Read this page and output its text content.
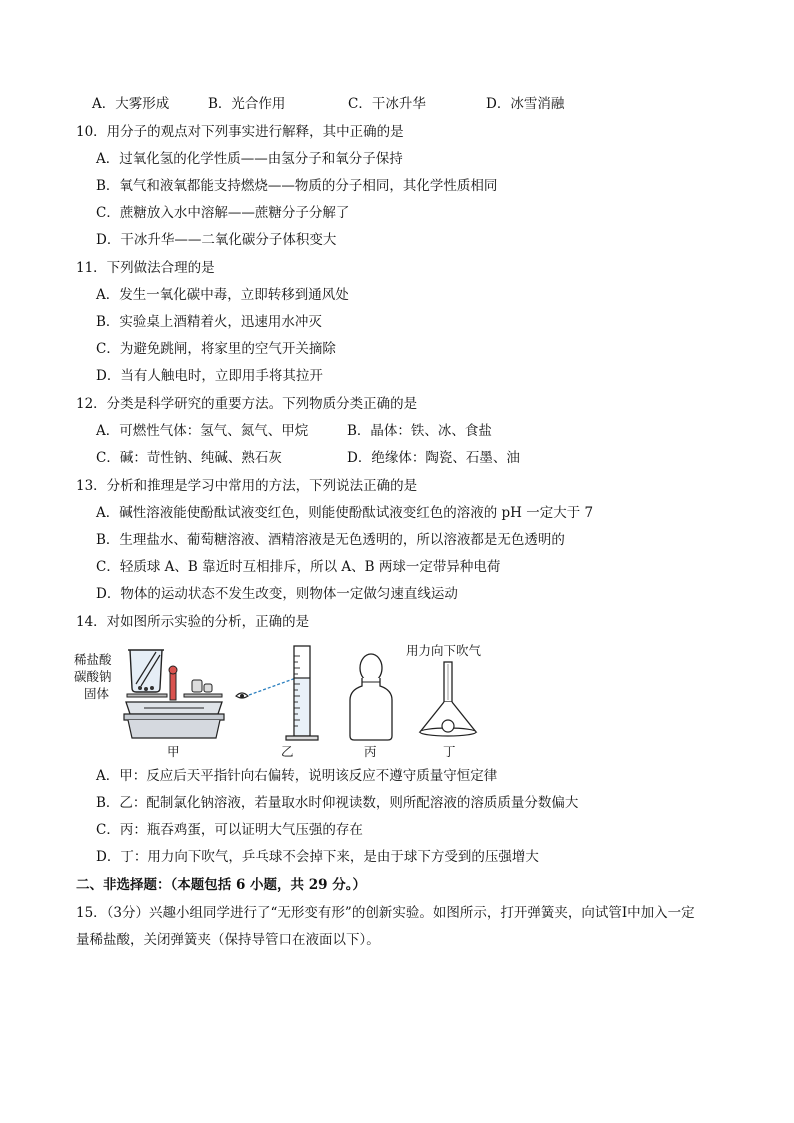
A．大雾形成	B．光合作用	C．干冰升华	D．冰雪消融
10．用分子的观点对下列事实进行解释，其中正确的是
A．过氧化氢的化学性质——由氢分子和氧分子保持
B．氧气和液氧都能支持燃烧——物质的分子相同，其化学性质相同
C．蔗糖放入水中溶解——蔗糖分子分解了
D．干冰升华——二氧化碳分子体积变大
11．下列做法合理的是
A．发生一氧化碳中毒，立即转移到通风处
B．实验桌上酒精着火，迅速用水冲灭
C．为避免跳闸，将家里的空气开关摘除
D．当有人触电时，立即用手将其拉开
12．分类是科学研究的重要方法。下列物质分类正确的是
A．可燃性气体：氢气、氮气、甲烷	B．晶体：铁、冰、食盐
C．碱：苛性钠、纯碱、熟石灰	D．绝缘体：陶瓷、石墨、油
13．分析和推理是学习中常用的方法，下列说法正确的是
A．碱性溶液能使酚酞试液变红色，则能使酚酞试液变红色的溶液的 pH 一定大于 7
B．生理盐水、葡萄糖溶液、酒精溶液是无色透明的，所以溶液都是无色透明的
C．轻质球 A、B 靠近时互相排斥，所以 A、B 两球一定带异种电荷
D．物体的运动状态不发生改变，则物体一定做匀速直线运动
14．对如图所示实验的分析，正确的是
稀盐酸
碳酸钠
固体
甲	乙	丙
用力向下吹气
丁
A．甲：反应后天平指针向右偏转，说明该反应不遵守质量守恒定律
B．乙：配制氯化钠溶液，若量取水时仰视读数，则所配溶液的溶质质量分数偏大
C．丙：瓶吞鸡蛋，可以证明大气压强的存在
D．丁：用力向下吹气，乒乓球不会掉下来，是由于球下方受到的压强增大
二、非选择题：（本题包括 6 小题，共 29 分。）
15．（3分）兴趣小组同学进行了“无形变有形”的创新实验。如图所示，打开弹簧夹，向试管Ⅰ中加入一定
量稀盐酸，关闭弹簧夹（保持导管口在液面以下）。
